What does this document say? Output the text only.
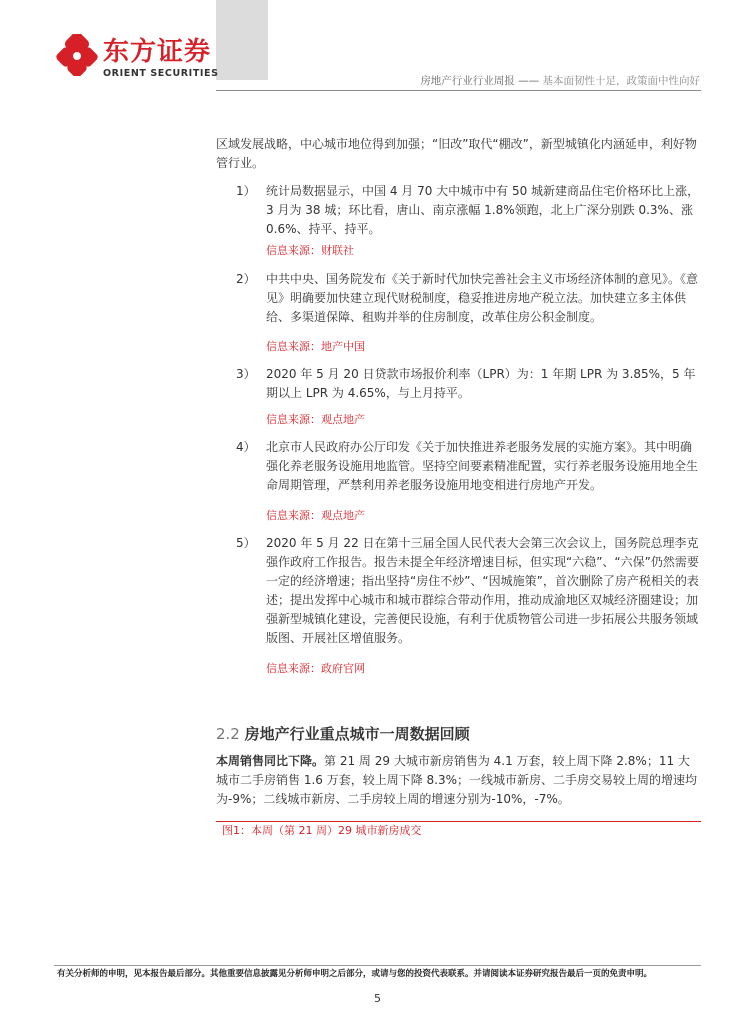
东方证券
ORIENT SECURITIES
房地产行业行业周报 —— 基本面韧性十足，政策面中性向好
区域发展战略，中心城市地位得到加强；“旧改”取代“棚改”，新型城镇化内涵延申，利好物管行业。
1） 统计局数据显示，中国 4 月 70 大中城市中有 50 城新建商品住宅价格环比上涨，3 月为 38 城；环比看，唐山、南京涨幅 1.8%领跑，北上广深分别跌 0.3%、涨 0.6%、持平、持平。
信息来源：财联社
2） 中共中央、国务院发布《关于新时代加快完善社会主义市场经济体制的意见》。《意见》明确要加快建立现代财税制度，稳妥推进房地产税立法。加快建立多主体供给、多渠道保障、租购并举的住房制度，改革住房公积金制度。
信息来源：地产中国
3） 2020 年 5 月 20 日贷款市场报价利率（LPR）为：1 年期 LPR 为 3.85%，5 年期以上 LPR 为 4.65%，与上月持平。
信息来源：观点地产
4） 北京市人民政府办公厅印发《关于加快推进养老服务发展的实施方案》。其中明确强化养老服务设施用地监管。坚持空间要素精准配置，实行养老服务设施用地全生命周期管理，严禁利用养老服务设施用地变相进行房地产开发。
信息来源：观点地产
5） 2020 年 5 月 22 日在第十三届全国人民代表大会第三次会议上，国务院总理李克强作政府工作报告。报告未提全年经济增速目标，但实现“六稳”、“六保”仍然需要一定的经济增速；指出坚持“房住不炒”、“因城施策”，首次删除了房产税相关的表述；提出发挥中心城市和城市群综合带动作用，推动成渝地区双城经济圈建设；加强新型城镇化建设，完善便民设施，有利于优质物管公司进一步拓展公共服务领域版图、开展社区增值服务。
信息来源：政府官网
2.2 房地产行业重点城市一周数据回顾
本周销售同比下降。第 21 周 29 大城市新房销售为 4.1 万套，较上周下降 2.8%；11 大城市二手房销售 1.6 万套，较上周下降 8.3%；一线城市新房、二手房交易较上周的增速均为-9%；二线城市新房、二手房较上周的增速分别为-10%，-7%。
图1：本周（第 21 周）29 城市新房成交
有关分析师的申明，见本报告最后部分。其他重要信息披露见分析师申明之后部分，或请与您的投资代表联系。并请阅读本证券研究报告最后一页的免责申明。
5
